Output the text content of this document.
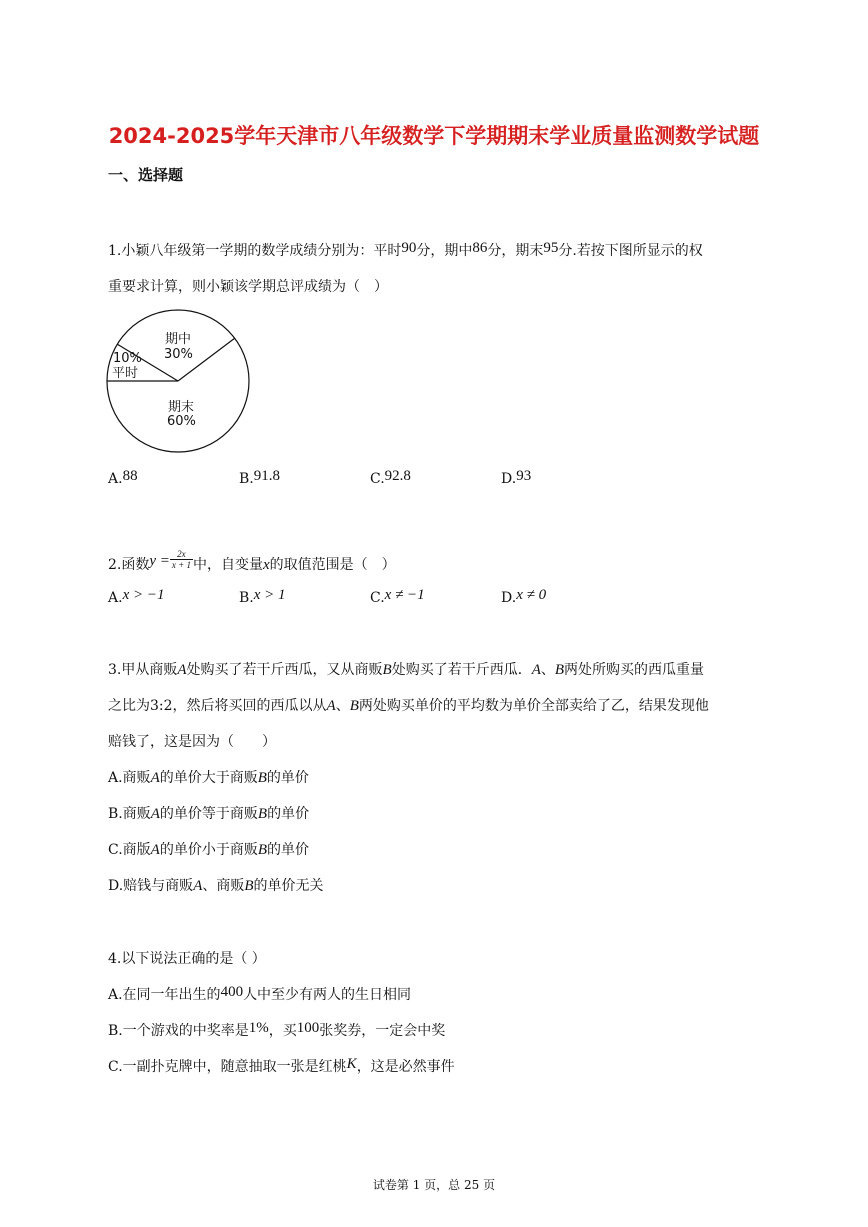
2024-2025学年天津市八年级数学下学期期末学业质量监测数学试题
一、选择题
1.小颖八年级第一学期的数学成绩分别为：平时90分，期中86分，期末95分.若按下图所显示的权
重要求计算，则小颖该学期总评成绩为（　）
期中
30%
10%
平时
期末
60%
A.88	B.91.8	C.92.8	D.93
2.函数$y = \frac{2x}{x + 1}$ 中，自变量x的取值范围是（　）
A.x > −1	B.x > 1	C.x ≠ −1	D.x ≠ 0
3.甲从商贩A处购买了若干斤西瓜，又从商贩B处购买了若干斤西瓜．A、B两处所购买的西瓜重量
之比为3:2，然后将买回的西瓜以从A、B两处购买单价的平均数为单价全部卖给了乙，结果发现他
赔钱了，这是因为（　　）
A.商贩A的单价大于商贩B的单价
B.商贩A的单价等于商贩B的单价
C.商版A的单价小于商贩B的单价
D.赔钱与商贩A、商贩B的单价无关
4.以下说法正确的是（ ）
A.在同一年出生的400人中至少有两人的生日相同
B.一个游戏的中奖率是1%，买100张奖券，一定会中奖
C.一副扑克牌中，随意抽取一张是红桃K，这是必然事件
试卷第 1 页，总 25 页
